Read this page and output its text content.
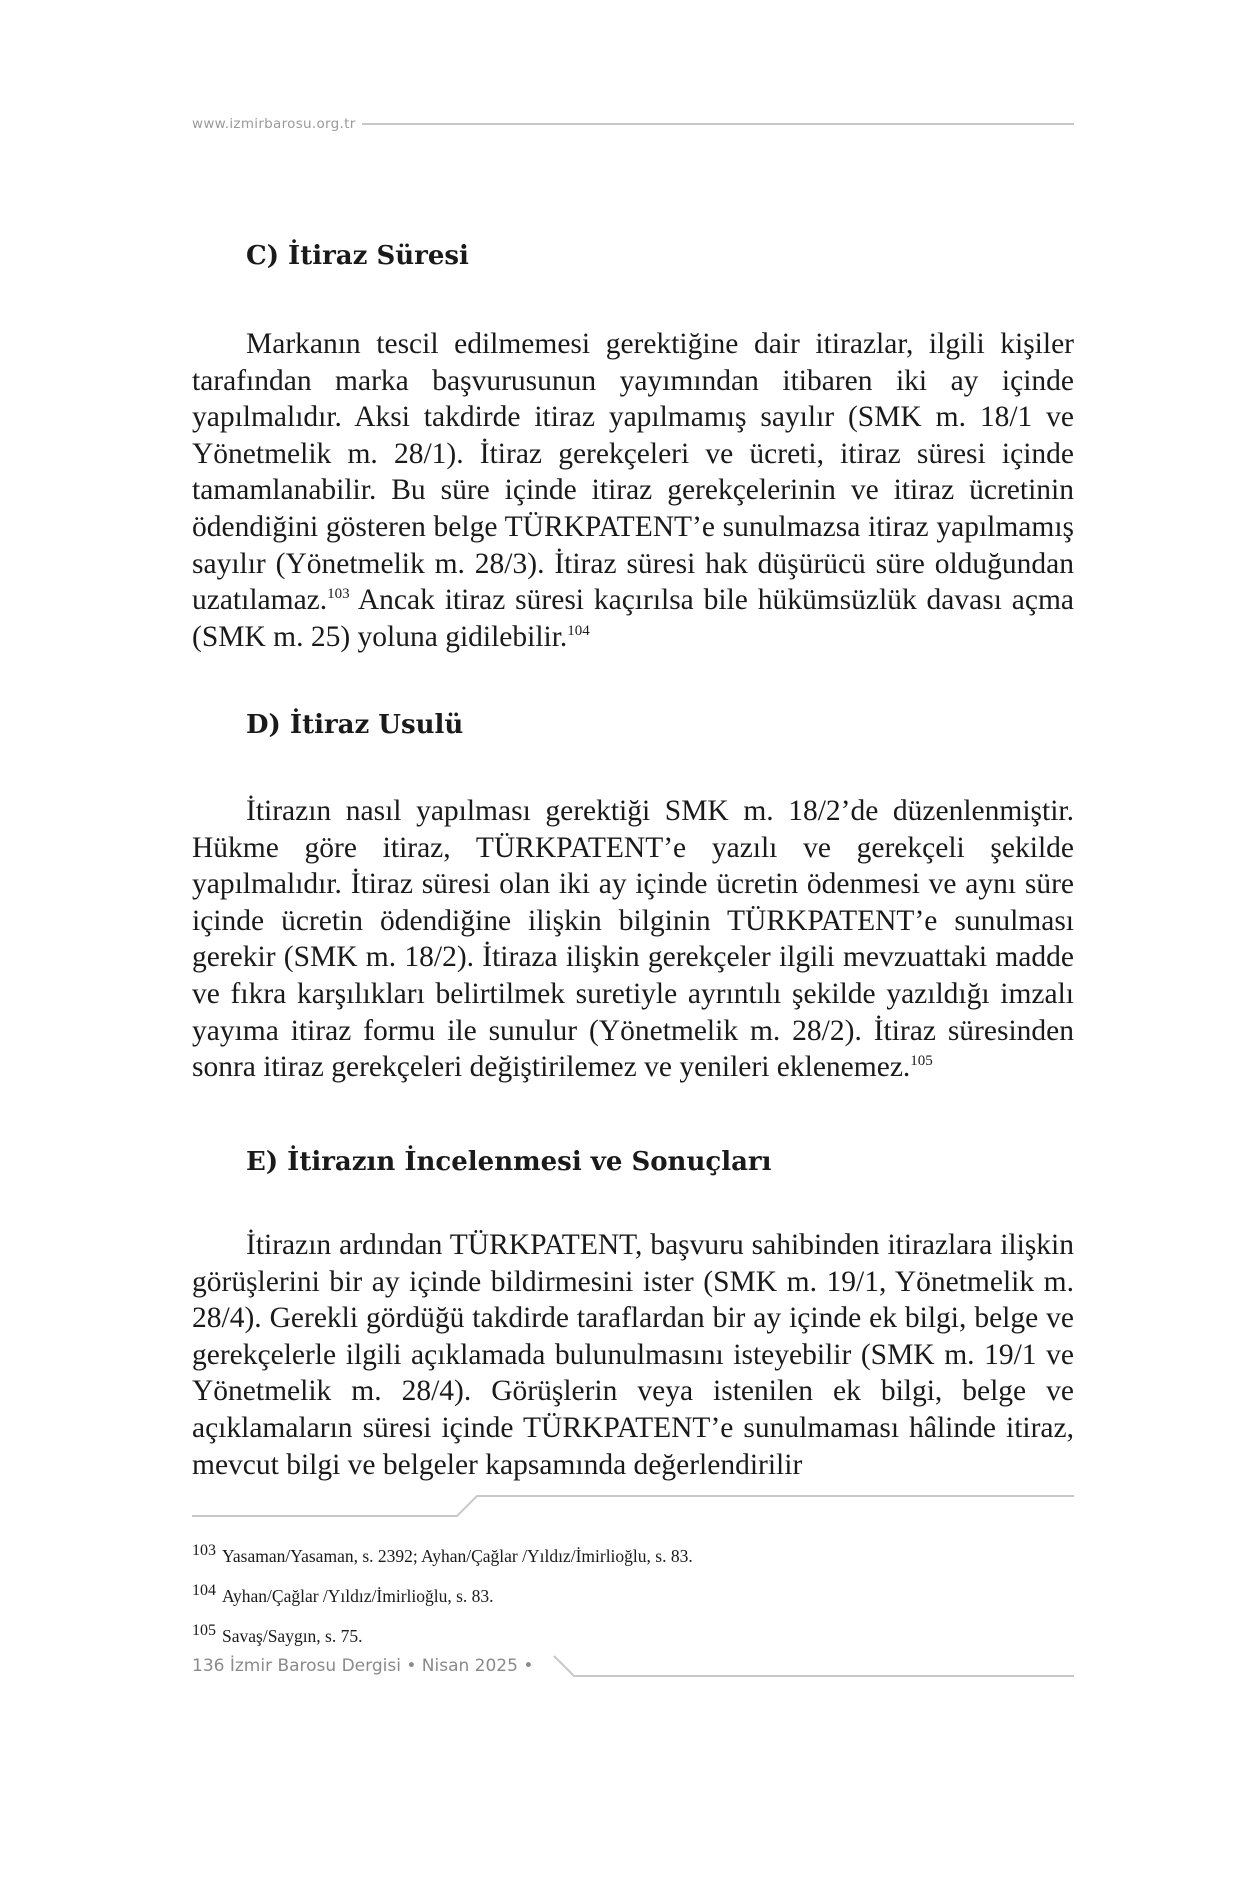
www.izmirbarosu.org.tr
C) İtiraz Süresi

Markanın tescil edilmemesi gerektiğine dair itirazlar, ilgili kişiler tarafından marka başvurusunun yayımından itibaren iki ay içinde yapılmalıdır. Aksi takdirde itiraz yapılmamış sayılır (SMK m. 18/1 ve Yönetmelik m. 28/1). İtiraz gerekçeleri ve ücreti, itiraz süresi içinde tamamlanabilir. Bu süre içinde itiraz gerekçelerinin ve itiraz ücretinin ödendiğini gösteren belge TÜRKPATENT’e sunulmazsa itiraz yapılmamış sayılır (Yönetmelik m. 28/3). İtiraz süresi hak düşürücü süre olduğundan uzatılamaz.$^{103}$ Ancak itiraz süresi kaçırılsa bile hükümsüzlük davası açma (SMK m. 25) yoluna gidilebilir.$^{104}$

D) İtiraz Usulü

İtirazın nasıl yapılması gerektiği SMK m. 18/2’de düzenlenmiştir. Hükme göre itiraz, TÜRKPATENT’e yazılı ve gerekçeli şekilde yapılmalıdır. İtiraz süresi olan iki ay içinde ücretin ödenmesi ve aynı süre içinde ücretin ödendiğine ilişkin bilginin TÜRKPATENT’e sunulması gerekir (SMK m. 18/2). İtiraza ilişkin gerekçeler ilgili mevzuattaki madde ve fıkra karşılıkları belirtilmek suretiyle ayrıntılı şekilde yazıldığı imzalı yayıma itiraz formu ile sunulur (Yönetmelik m. 28/2). İtiraz süresinden sonra itiraz gerekçeleri değiştirilemez ve yenileri eklenemez.$^{105}$

E) İtirazın İncelenmesi ve Sonuçları

İtirazın ardından TÜRKPATENT, başvuru sahibinden itirazlara ilişkin görüşlerini bir ay içinde bildirmesini ister (SMK m. 19/1, Yönetmelik m. 28/4). Gerekli gördüğü takdirde taraflardan bir ay içinde ek bilgi, belge ve gerekçelerle ilgili açıklamada bulunulmasını isteyebilir (SMK m. 19/1 ve Yönetmelik m. 28/4). Görüşlerin veya istenilen ek bilgi, belge ve açıklamaların süresi içinde TÜRKPATENT’e sunulmaması hâlinde itiraz, mevcut bilgi ve belgeler kapsamında değerlendirilir

103 Yasaman/Yasaman, s. 2392; Ayhan/Çağlar /Yıldız/İmirlioğlu, s. 83.
104 Ayhan/Çağlar /Yıldız/İmirlioğlu, s. 83.
105 Savaş/Saygın, s. 75.
136 İzmir Barosu Dergisi • Nisan 2025 •
